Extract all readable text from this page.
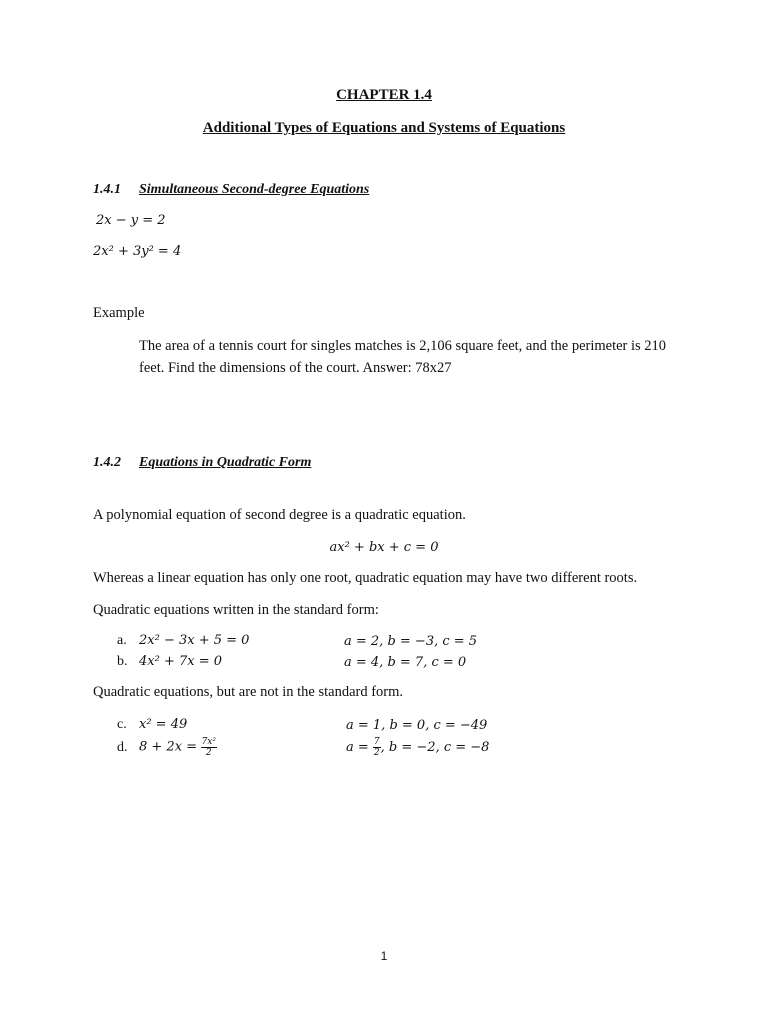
CHAPTER 1.4
Additional Types of Equations and Systems of Equations
1.4.1 Simultaneous Second-degree Equations
2x − y = 2
2x² + 3y² = 4
Example
The area of a tennis court for singles matches is 2,106 square feet, and the perimeter is 210 feet. Find the dimensions of the court. Answer: 78x27
1.4.2 Equations in Quadratic Form
A polynomial equation of second degree is a quadratic equation.
ax² + bx + c = 0
Whereas a linear equation has only one root, quadratic equation may have two different roots.
Quadratic equations written in the standard form:
a. 2x² − 3x + 5 = 0	a = 2, b = −3, c = 5
b. 4x² + 7x = 0	a = 4, b = 7, c = 0
Quadratic equations, but are not in the standard form.
c. x² = 49	a = 1, b = 0, c = −49
d. $8 + 2x = \frac{\text{7x²}}{2}$	$a = \frac{7}{2}$ , b = −2, c = −8
1
